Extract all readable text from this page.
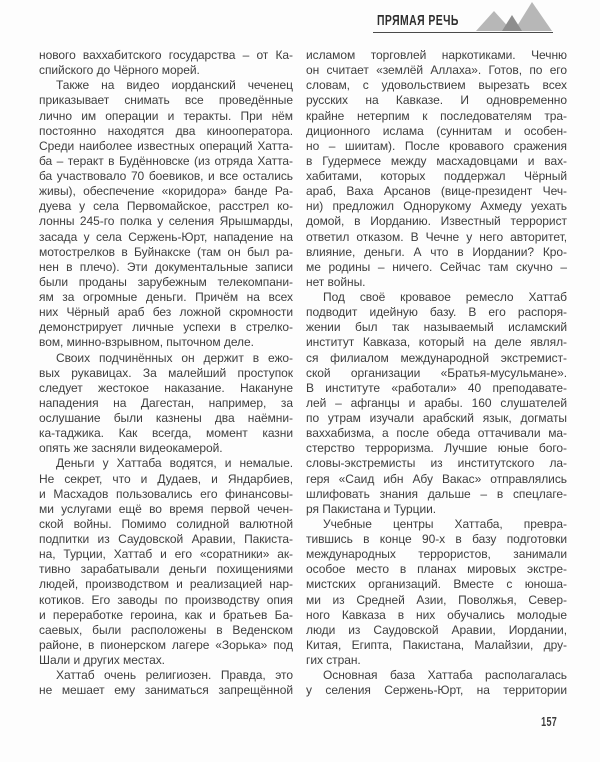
ПРЯМАЯ РЕЧЬ
нового ваххабитского государства – от Ка-
спийского до Чёрного морей.
Также на видео иорданский чеченец
приказывает снимать все проведённые
лично им операции и теракты. При нём
постоянно находятся два кинооператора.
Среди наиболее известных операций Хатта-
ба – теракт в Будённовске (из отряда Хатта-
ба участвовало 70 боевиков, и все остались
живы), обеспечение «коридора» банде Ра-
дуева у села Первомайское, расстрел ко-
лонны 245-го полка у селения Ярышмарды,
засада у села Сержень-Юрт, нападение на
мотострелков в Буйнакске (там он был ра-
нен в плечо). Эти документальные записи
были проданы зарубежным телекомпани-
ям за огромные деньги. Причём на всех
них Чёрный араб без ложной скромности
демонстрирует личные успехи в стрелко-
вом, минно-взрывном, пыточном деле.
Своих подчинённых он держит в ежо-
вых рукавицах. За малейший проступок
следует жестокое наказание. Накануне
нападения на Дагестан, например, за
ослушание были казнены два наёмни-
ка-таджика. Как всегда, момент казни
опять же засняли видеокамерой.
Деньги у Хаттаба водятся, и немалые.
Не секрет, что и Дудаев, и Яндарбиев,
и Масхадов пользовались его финансовы-
ми услугами ещё во время первой чечен-
ской войны. Помимо солидной валютной
подпитки из Саудовской Аравии, Пакиста-
на, Турции, Хаттаб и его «соратники» ак-
тивно зарабатывали деньги похищениями
людей, производством и реализацией нар-
котиков. Его заводы по производству опия
и переработке героина, как и братьев Ба-
саевых, были расположены в Веденском
районе, в пионерском лагере «Зорька» под
Шали и других местах.
Хаттаб очень религиозен. Правда, это
не мешает ему заниматься запрещённой
исламом торговлей наркотиками. Чечню
он считает «землёй Аллаха». Готов, по его
словам, с удовольствием вырезать всех
русских на Кавказе. И одновременно
крайне нетерпим к последователям тра-
диционного ислама (суннитам и особен-
но – шиитам). После кровавого сражения
в Гудермесе между масхадовцами и вах-
хабитами, которых поддержал Чёрный
араб, Ваха Арсанов (вице-президент Чеч-
ни) предложил Однорукому Ахмеду уехать
домой, в Иорданию. Известный террорист
ответил отказом. В Чечне у него авторитет,
влияние, деньги. А что в Иордании? Кро-
ме родины – ничего. Сейчас там скучно –
нет войны.
Под своё кровавое ремесло Хаттаб
подводит идейную базу. В его распоря-
жении был так называемый исламский
институт Кавказа, который на деле являл-
ся филиалом международной экстремист-
ской организации «Братья-мусульмане».
В институте «работали» 40 преподавате-
лей – афганцы и арабы. 160 слушателей
по утрам изучали арабский язык, догматы
ваххабизма, а после обеда оттачивали ма-
стерство терроризма. Лучшие юные бого-
словы-экстремисты из институтского ла-
геря «Саид ибн Абу Вакас» отправлялись
шлифовать знания дальше – в спецлаге-
ря Пакистана и Турции.
Учебные центры Хаттаба, превра-
тившись в конце 90-х в базу подготовки
международных террористов, занимали
особое место в планах мировых экстре-
мистских организаций. Вместе с юноша-
ми из Средней Азии, Поволжья, Север-
ного Кавказа в них обучались молодые
люди из Саудовской Аравии, Иордании,
Китая, Египта, Пакистана, Малайзии, дру-
гих стран.
Основная база Хаттаба располагалась
у селения Сержень-Юрт, на территории
157
